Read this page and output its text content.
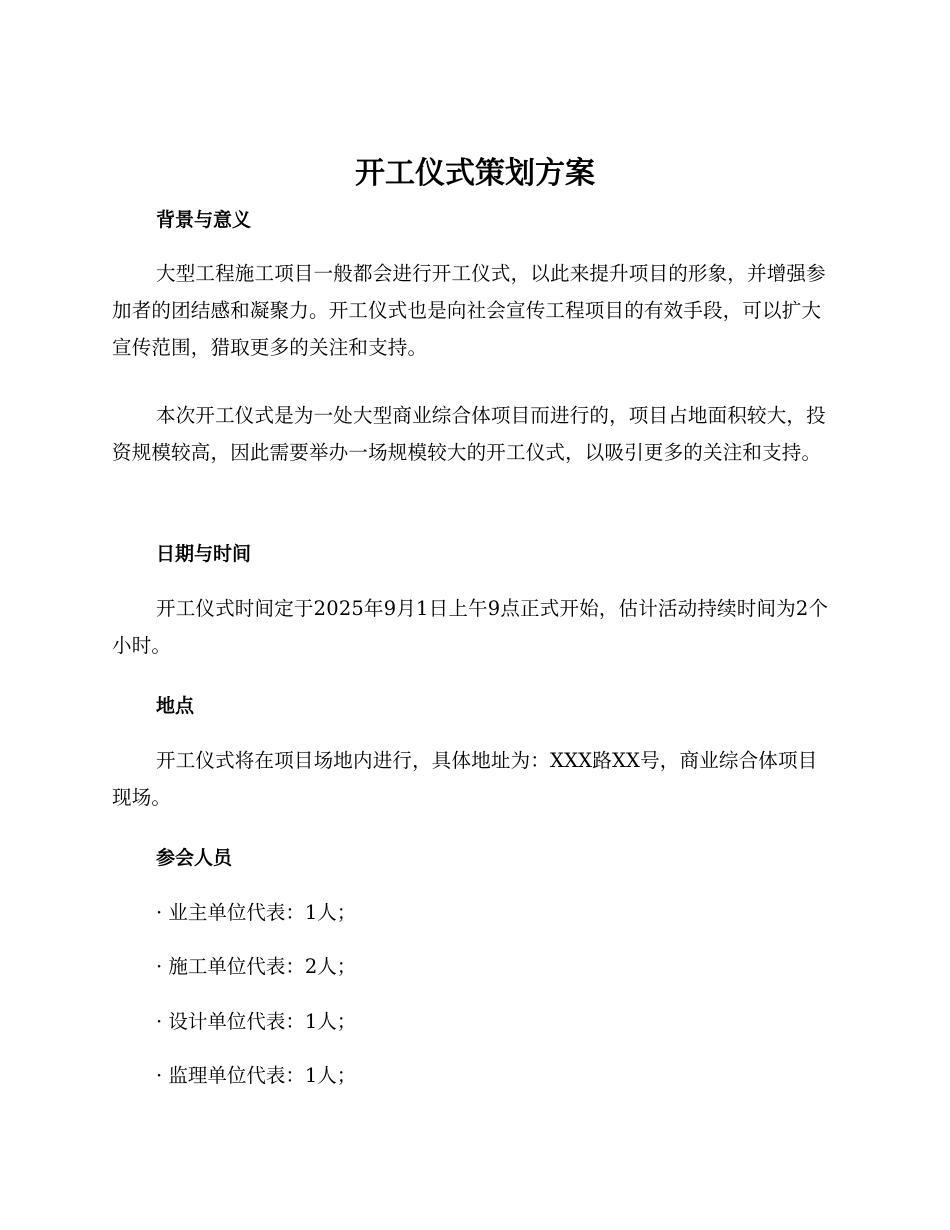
开工仪式策划方案
背景与意义

大型工程施工项目一般都会进行开工仪式，以此来提升项目的形象，并增强参加者的团结感和凝聚力。开工仪式也是向社会宣传工程项目的有效手段，可以扩大宣传范围，猎取更多的关注和支持。

本次开工仪式是为一处大型商业综合体项目而进行的，项目占地面积较大，投资规模较高，因此需要举办一场规模较大的开工仪式，以吸引更多的关注和支持。

日期与时间

开工仪式时间定于2025年9月1日上午9点正式开始，估计活动持续时间为2个小时。

地点

开工仪式将在项目场地内进行，具体地址为：XXX路XX号，商业综合体项目现场。

参会人员

· 业主单位代表：1人；

· 施工单位代表：2人；

· 设计单位代表：1人；

· 监理单位代表：1人；
